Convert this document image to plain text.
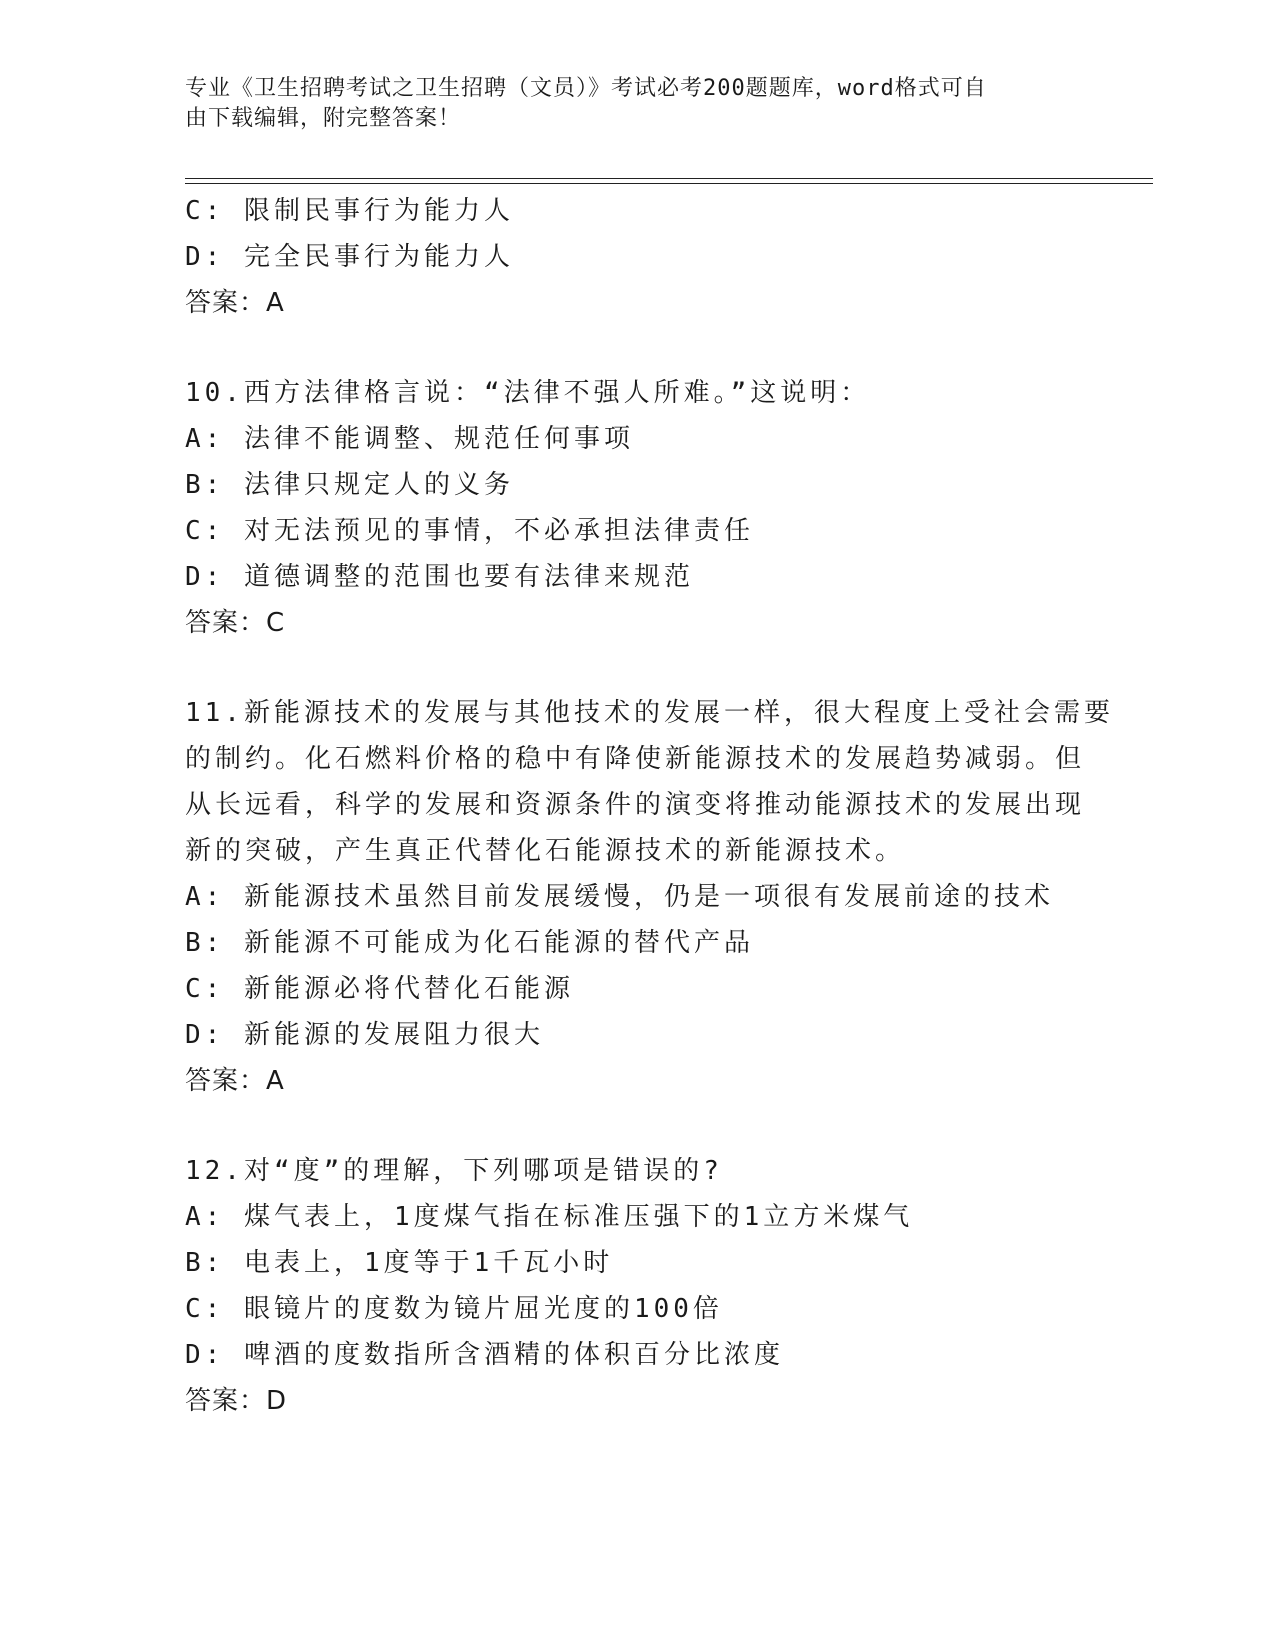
专业《卫生招聘考试之卫生招聘（文员）》考试必考200题题库，word格式可自
由下载编辑，附完整答案！
C: 限制民事行为能力人
D: 完全民事行为能力人
答案：A
10.西方法律格言说：“法律不强人所难。”这说明：
A: 法律不能调整、规范任何事项
B: 法律只规定人的义务
C: 对无法预见的事情，不必承担法律责任
D: 道德调整的范围也要有法律来规范
答案：C
11.新能源技术的发展与其他技术的发展一样，很大程度上受社会需要
的制约。化石燃料价格的稳中有降使新能源技术的发展趋势减弱。但
从长远看，科学的发展和资源条件的演变将推动能源技术的发展出现
新的突破，产生真正代替化石能源技术的新能源技术。
A: 新能源技术虽然目前发展缓慢，仍是一项很有发展前途的技术
B: 新能源不可能成为化石能源的替代产品
C: 新能源必将代替化石能源
D: 新能源的发展阻力很大
答案：A
12.对“度”的理解，下列哪项是错误的?
A: 煤气表上，1度煤气指在标准压强下的1立方米煤气
B: 电表上，1度等于1千瓦小时
C: 眼镜片的度数为镜片屈光度的100倍
D: 啤酒的度数指所含酒精的体积百分比浓度
答案：D
